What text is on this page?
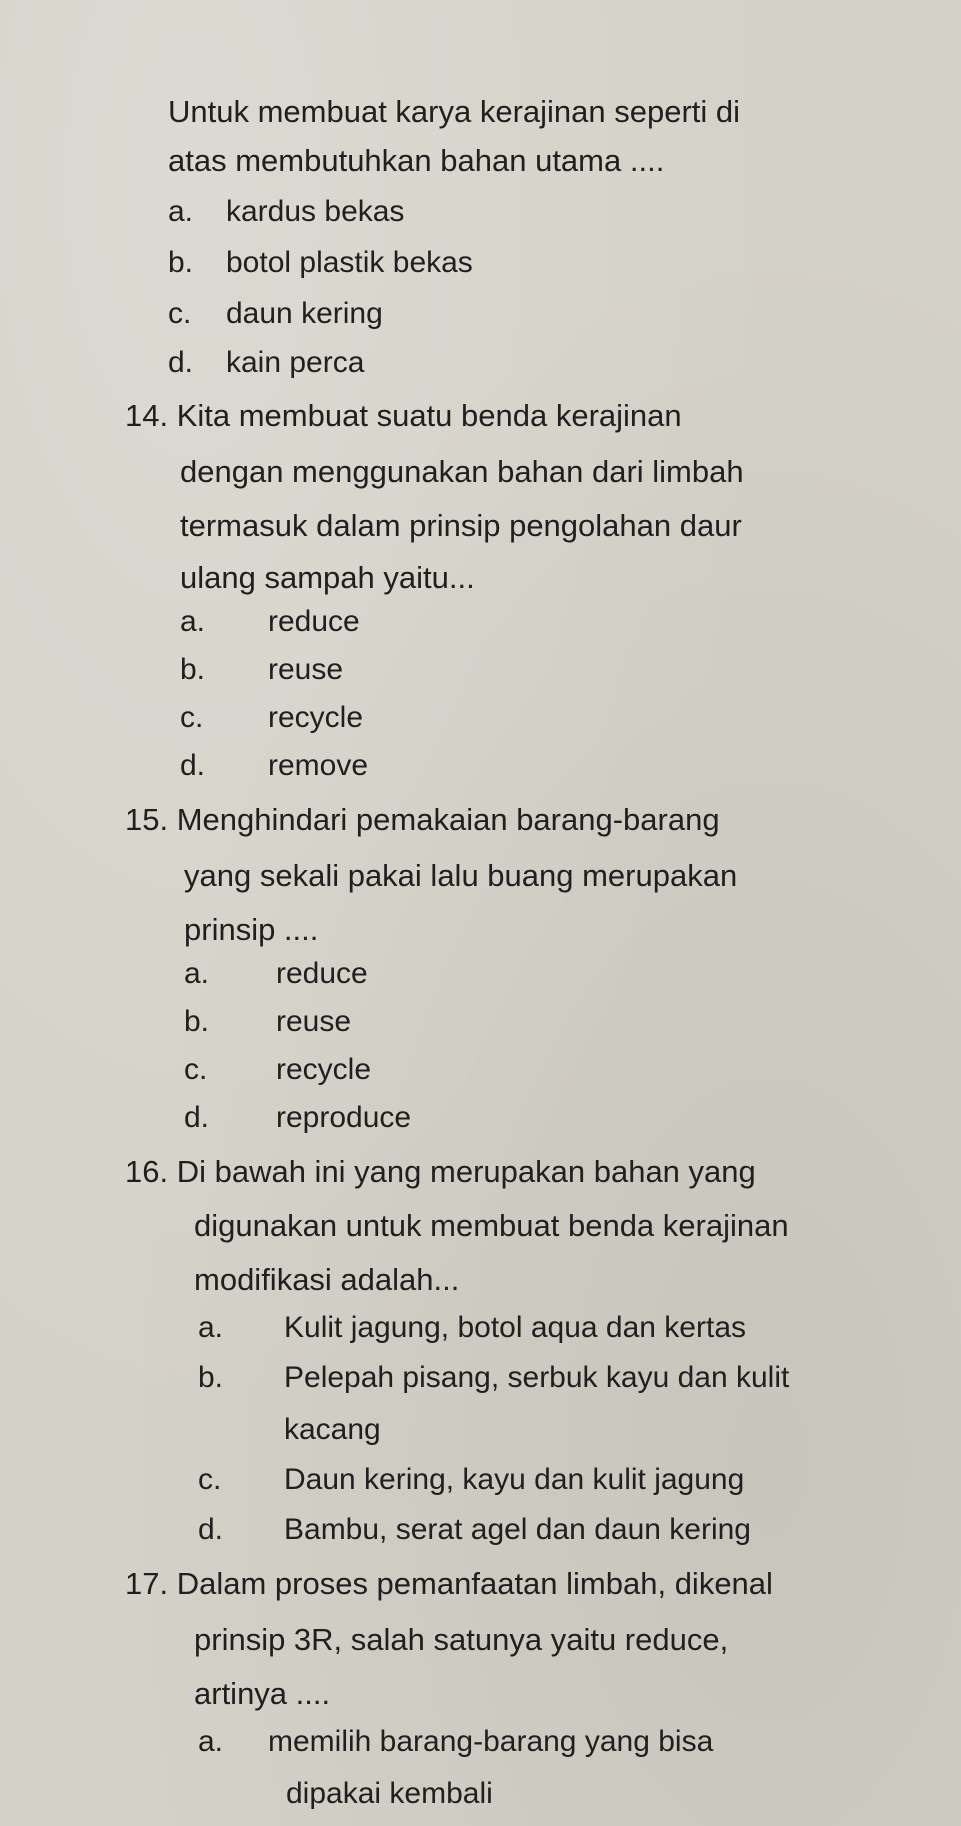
Untuk membuat karya kerajinan seperti di
atas membutuhkan bahan utama ....
a. kardus bekas
b. botol plastik bekas
c. daun kering
d. kain perca
14. Kita membuat suatu benda kerajinan
dengan menggunakan bahan dari limbah
termasuk dalam prinsip pengolahan daur
ulang sampah yaitu...
a. reduce
b. reuse
c. recycle
d. remove
15. Menghindari pemakaian barang-barang
yang sekali pakai lalu buang merupakan
prinsip ....
a. reduce
b. reuse
c. recycle
d. reproduce
16. Di bawah ini yang merupakan bahan yang
digunakan untuk membuat benda kerajinan
modifikasi adalah...
a. Kulit jagung, botol aqua dan kertas
b. Pelepah pisang, serbuk kayu dan kulit
kacang
c. Daun kering, kayu dan kulit jagung
d. Bambu, serat agel dan daun kering
17. Dalam proses pemanfaatan limbah, dikenal
prinsip 3R, salah satunya yaitu reduce,
artinya ....
a. memilih barang-barang yang bisa
dipakai kembali
